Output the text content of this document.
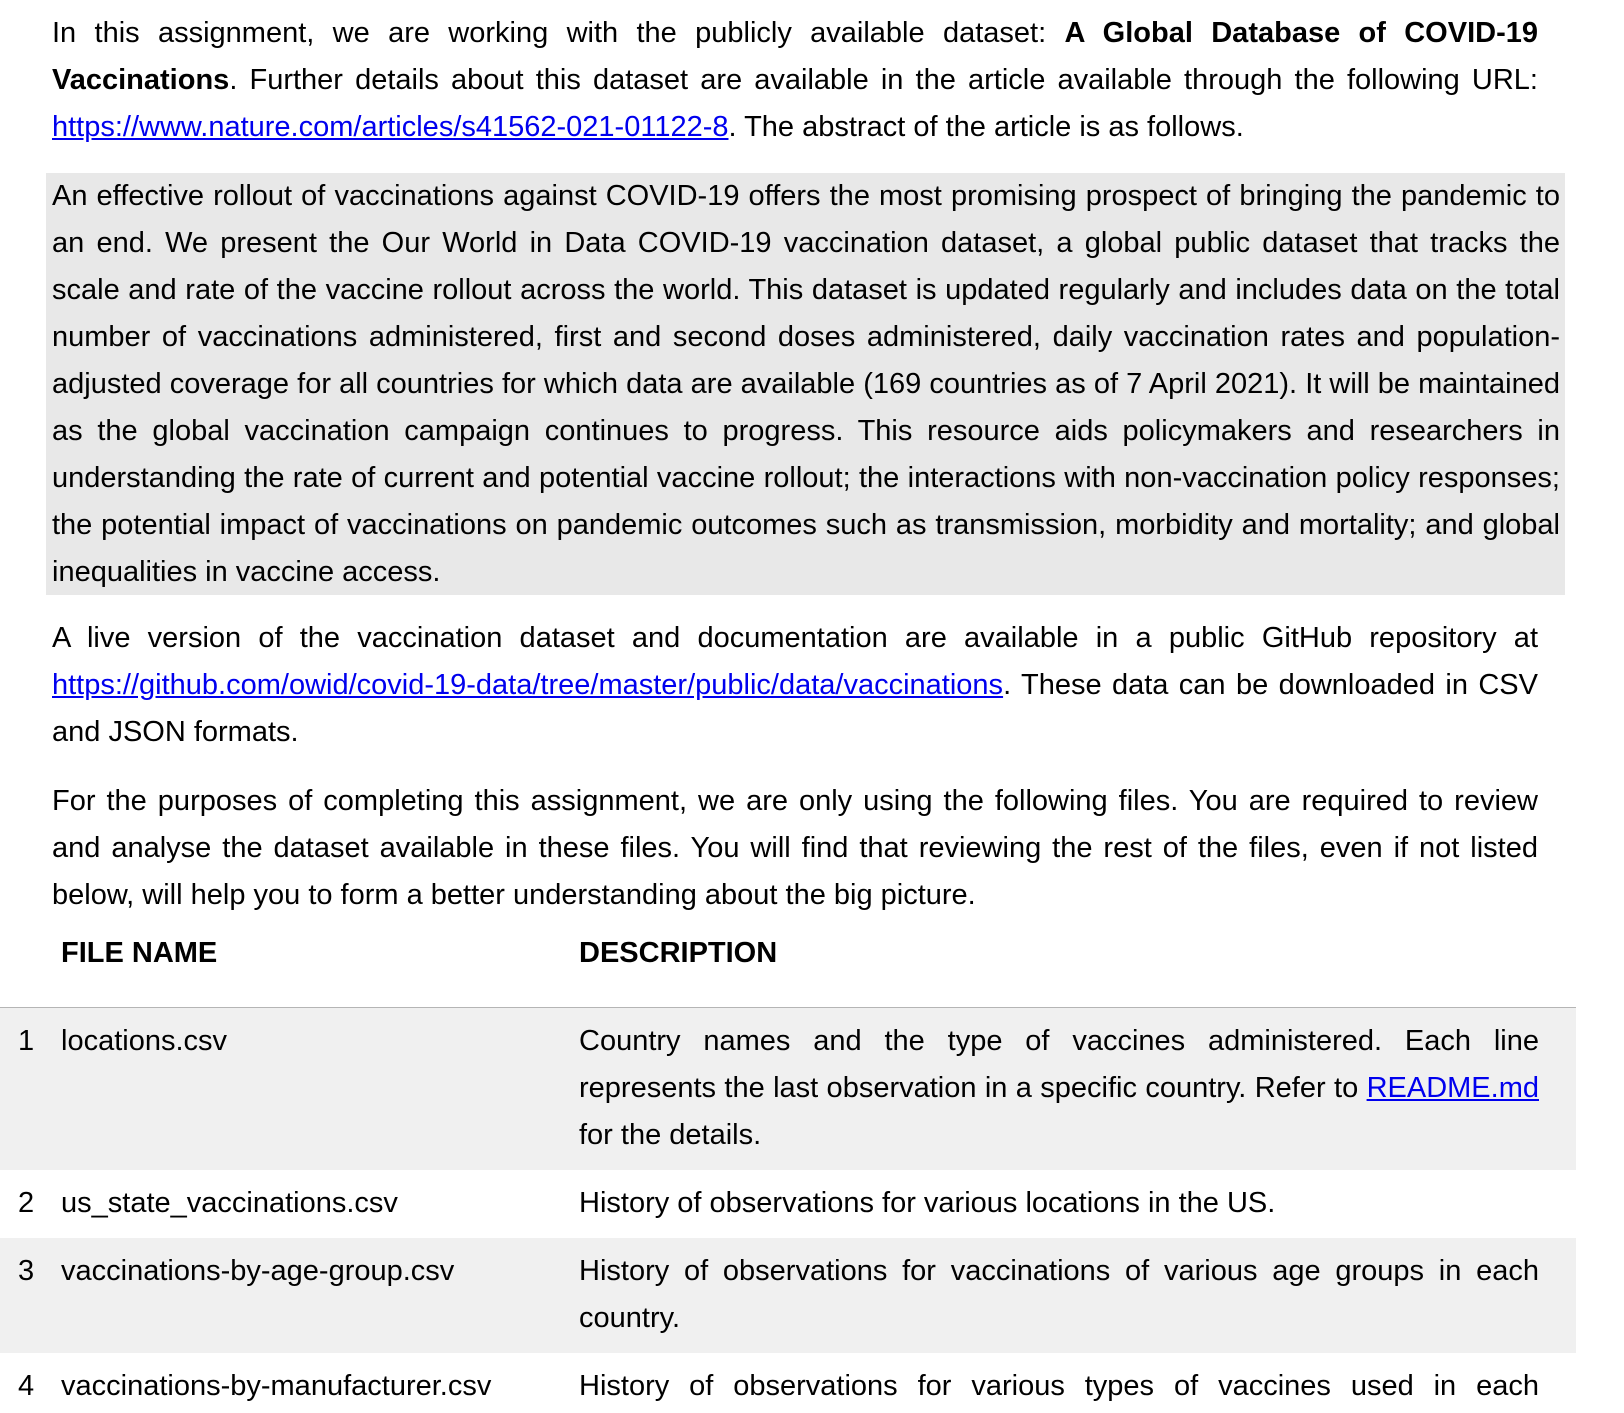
In this assignment, we are working with the publicly available dataset: A Global Database of COVID-19 Vaccinations. Further details about this dataset are available in the article available through the following URL: https://www.nature.com/articles/s41562-021-01122-8. The abstract of the article is as follows.

An effective rollout of vaccinations against COVID-19 offers the most promising prospect of bringing the pandemic to an end. We present the Our World in Data COVID-19 vaccination dataset, a global public dataset that tracks the scale and rate of the vaccine rollout across the world. This dataset is updated regularly and includes data on the total number of vaccinations administered, first and second doses administered, daily vaccination rates and population-adjusted coverage for all countries for which data are available (169 countries as of 7 April 2021). It will be maintained as the global vaccination campaign continues to progress. This resource aids policymakers and researchers in understanding the rate of current and potential vaccine rollout; the interactions with non-vaccination policy responses; the potential impact of vaccinations on pandemic outcomes such as transmission, morbidity and mortality; and global inequalities in vaccine access.

A live version of the vaccination dataset and documentation are available in a public GitHub repository at https://github.com/owid/covid-19-data/tree/master/public/data/vaccinations. These data can be downloaded in CSV and JSON formats.

For the purposes of completing this assignment, we are only using the following files. You are required to review and analyse the dataset available in these files. You will find that reviewing the rest of the files, even if not listed below, will help you to form a better understanding about the big picture.

FILE NAME	DESCRIPTION
1 locations.csv	Country names and the type of vaccines administered. Each line represents the last observation in a specific country. Refer to README.md for the details.
2 us_state_vaccinations.csv	History of observations for various locations in the US.
3 vaccinations-by-age-group.csv	History of observations for vaccinations of various age groups in each country.
4 vaccinations-by-manufacturer.csv	History of observations for various types of vaccines used in each
